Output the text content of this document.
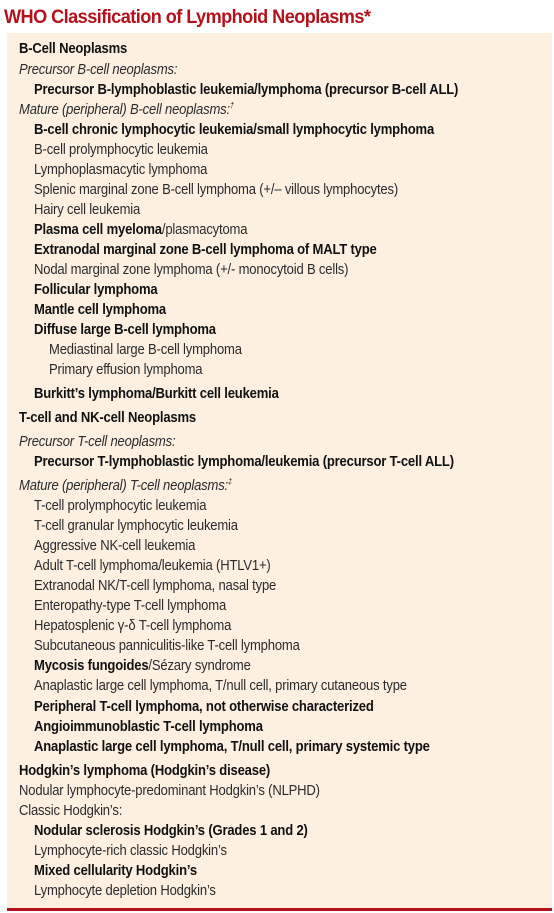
WHO Classification of Lymphoid Neoplasms*
B-Cell Neoplasms
Precursor B-cell neoplasms:
Precursor B-lymphoblastic leukemia/lymphoma (precursor B-cell ALL)
Mature (peripheral) B-cell neoplasms:†
B-cell chronic lymphocytic leukemia/small lymphocytic lymphoma
B-cell prolymphocytic leukemia
Lymphoplasmacytic lymphoma
Splenic marginal zone B-cell lymphoma (+/– villous lymphocytes)
Hairy cell leukemia
Plasma cell myeloma/plasmacytoma
Extranodal marginal zone B-cell lymphoma of MALT type
Nodal marginal zone lymphoma (+/- monocytoid B cells)
Follicular lymphoma
Mantle cell lymphoma
Diffuse large B-cell lymphoma
Mediastinal large B-cell lymphoma
Primary effusion lymphoma
Burkitt’s lymphoma/Burkitt cell leukemia
T-cell and NK-cell Neoplasms
Precursor T-cell neoplasms:
Precursor T-lymphoblastic lymphoma/leukemia (precursor T-cell ALL)
Mature (peripheral) T-cell neoplasms:‡
T-cell prolymphocytic leukemia
T-cell granular lymphocytic leukemia
Aggressive NK-cell leukemia
Adult T-cell lymphoma/leukemia (HTLV1+)
Extranodal NK/T-cell lymphoma, nasal type
Enteropathy-type T-cell lymphoma
Hepatosplenic γ-δ T-cell lymphoma
Subcutaneous panniculitis-like T-cell lymphoma
Mycosis fungoides/Sézary syndrome
Anaplastic large cell lymphoma, T/null cell, primary cutaneous type
Peripheral T-cell lymphoma, not otherwise characterized
Angioimmunoblastic T-cell lymphoma
Anaplastic large cell lymphoma, T/null cell, primary systemic type
Hodgkin’s lymphoma (Hodgkin’s disease)
Nodular lymphocyte-predominant Hodgkin’s (NLPHD)
Classic Hodgkin’s:
Nodular sclerosis Hodgkin’s (Grades 1 and 2)
Lymphocyte-rich classic Hodgkin’s
Mixed cellularity Hodgkin’s
Lymphocyte depletion Hodgkin’s
